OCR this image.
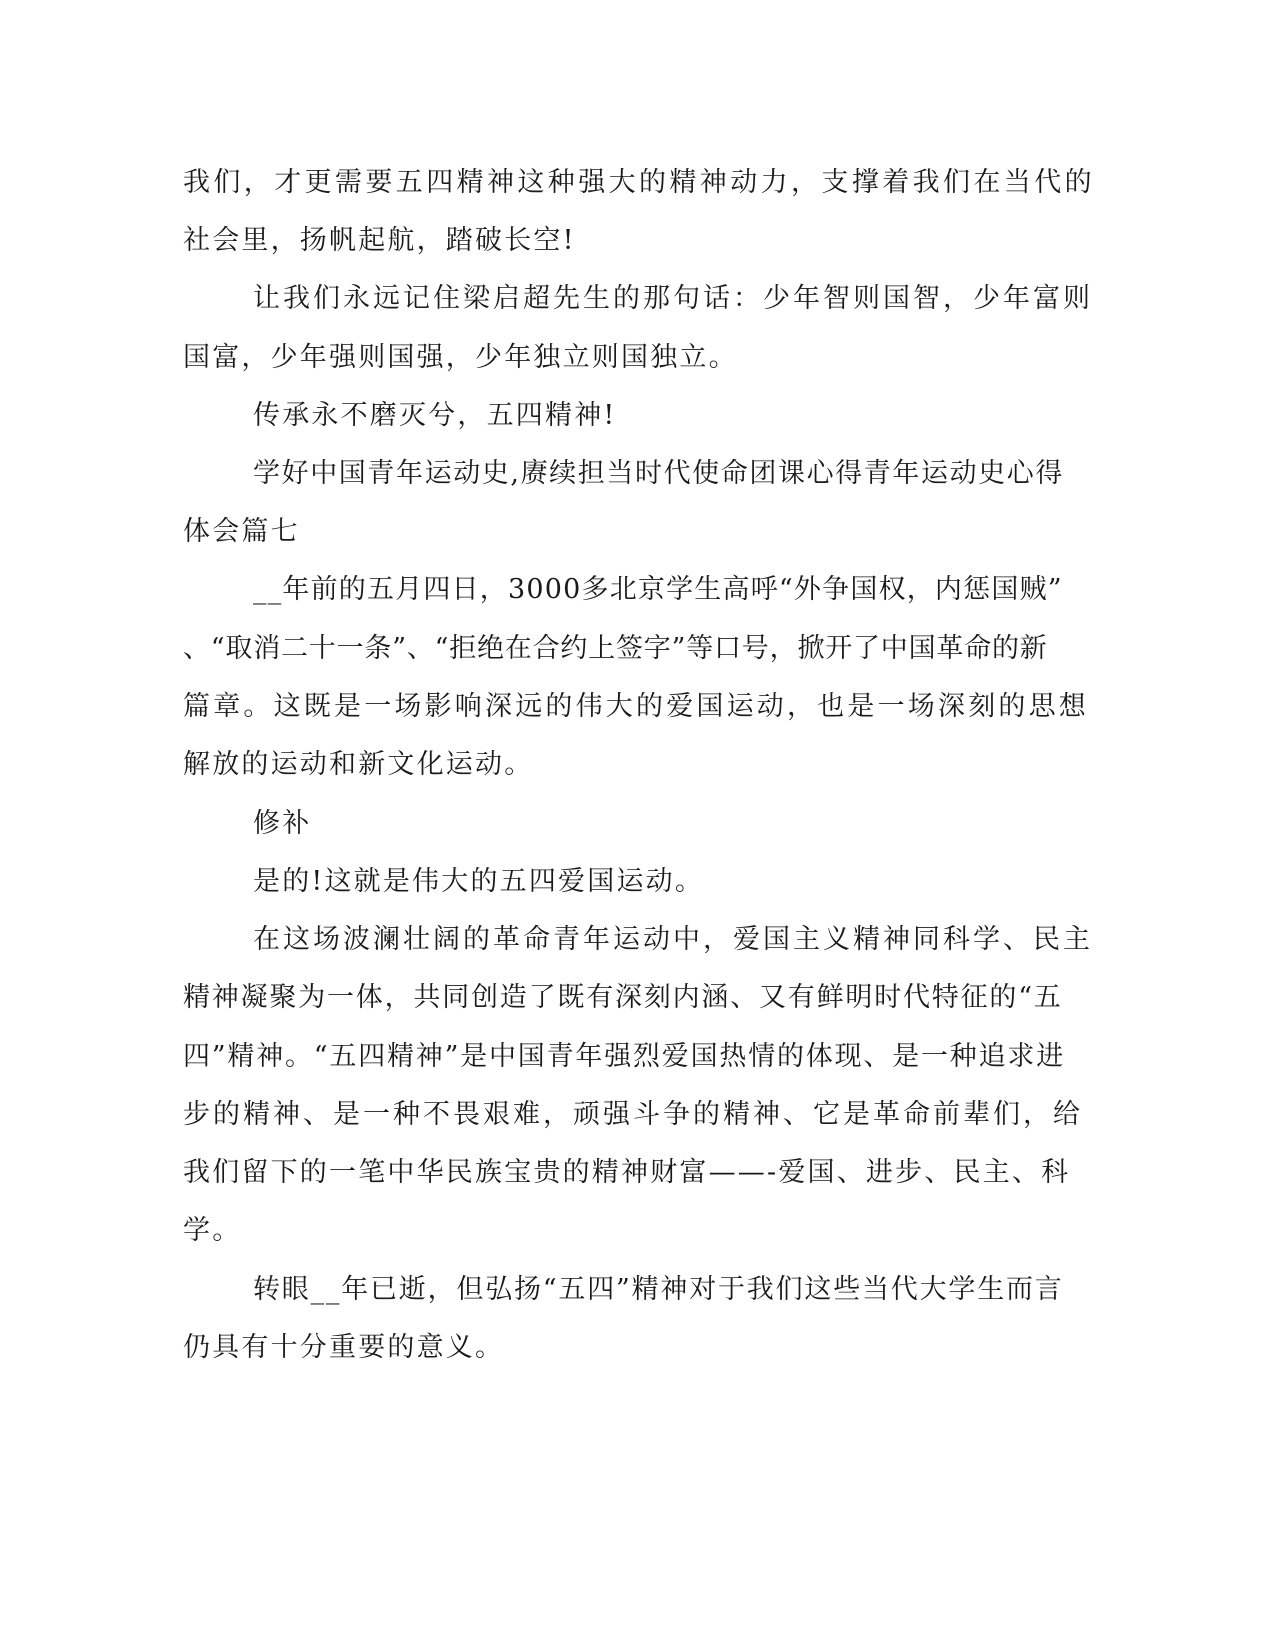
我们，才更需要五四精神这种强大的精神动力，支撑着我们在当代的
社会里，扬帆起航，踏破长空!
让我们永远记住梁启超先生的那句话：少年智则国智，少年富则
国富，少年强则国强，少年独立则国独立。
传承永不磨灭兮，五四精神!
学好中国青年运动史,赓续担当时代使命团课心得青年运动史心得
体会篇七
__年前的五月四日，3000多北京学生高呼“外争国权，内惩国贼”
、“取消二十一条”、“拒绝在合约上签字”等口号，掀开了中国革命的新
篇章。这既是一场影响深远的伟大的爱国运动，也是一场深刻的思想
解放的运动和新文化运动。
修补
是的!这就是伟大的五四爱国运动。
在这场波澜壮阔的革命青年运动中，爱国主义精神同科学、民主
精神凝聚为一体，共同创造了既有深刻内涵、又有鲜明时代特征的“五
四”精神。“五四精神”是中国青年强烈爱国热情的体现、是一种追求进
步的精神、是一种不畏艰难，顽强斗争的精神、它是革命前辈们，给
我们留下的一笔中华民族宝贵的精神财富——-爱国、进步、民主、科
学。
转眼__年已逝，但弘扬“五四”精神对于我们这些当代大学生而言
仍具有十分重要的意义。
